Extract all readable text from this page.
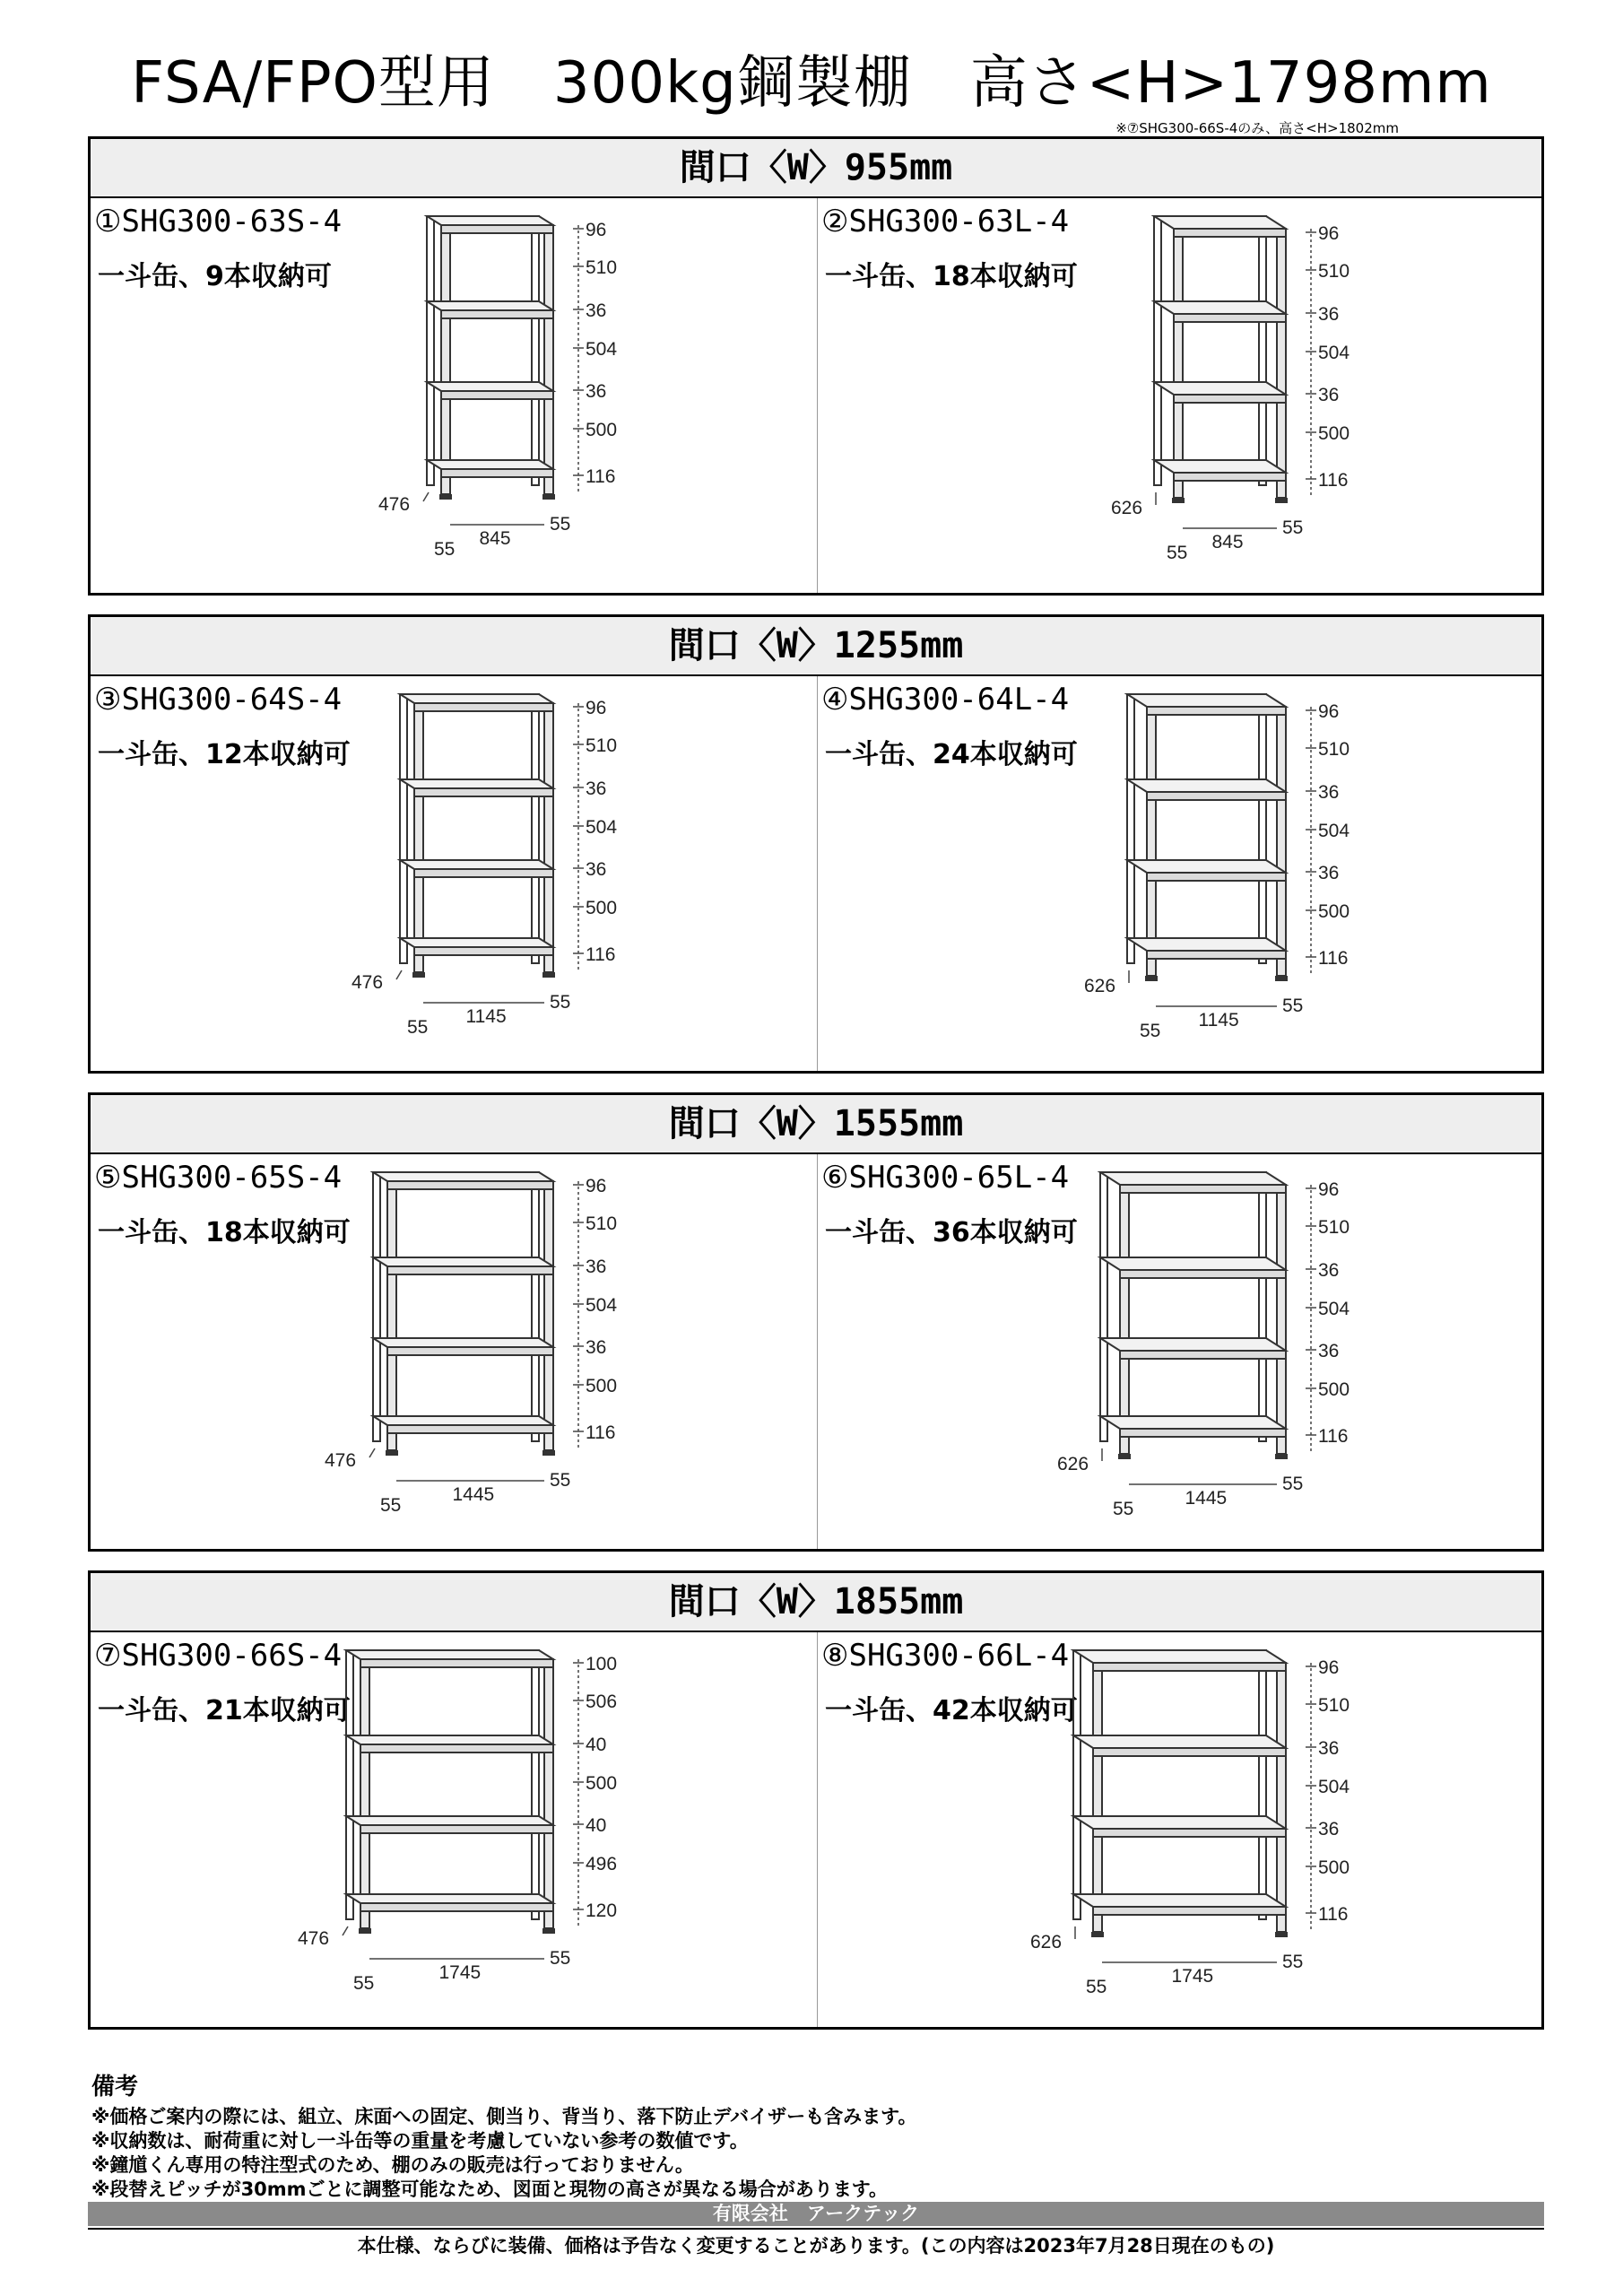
FSA/FPO型用　300kg鋼製棚　高さ<H>1798mm
※⑦SHG300-66S-4のみ、高さ<H>1802mm
間口〈W〉955mm
①SHG300-63S-4
一斗缶、9本収納可
96
510
36
504
36
500
116
476
55
845
55
②SHG300-63L-4
一斗缶、18本収納可
96
510
36
504
36
500
116
626
55
845
55
間口〈W〉1255mm
③SHG300-64S-4
一斗缶、12本収納可
96
510
36
504
36
500
116
476
55
1145
55
④SHG300-64L-4
一斗缶、24本収納可
96
510
36
504
36
500
116
626
55
1145
55
間口〈W〉1555mm
⑤SHG300-65S-4
一斗缶、18本収納可
96
510
36
504
36
500
116
476
55
1445
55
⑥SHG300-65L-4
一斗缶、36本収納可
96
510
36
504
36
500
116
626
55
1445
55
間口〈W〉1855mm
⑦SHG300-66S-4
一斗缶、21本収納可
100
506
40
500
40
496
120
476
55
1745
55
⑧SHG300-66L-4
一斗缶、42本収納可
96
510
36
504
36
500
116
626
55
1745
55
備考
※価格ご案内の際には、組立、床面への固定、側当り、背当り、落下防止デバイザーも含みます。
※収納数は、耐荷重に対し一斗缶等の重量を考慮していない参考の数値です。
※鐘馗くん専用の特注型式のため、棚のみの販売は行っておりません。
※段替えピッチが30mmごとに調整可能なため、図面と現物の高さが異なる場合があります。
有限会社　アークテック
本仕様、ならびに装備、価格は予告なく変更することがあります。(この内容は2023年7月28日現在のもの)
